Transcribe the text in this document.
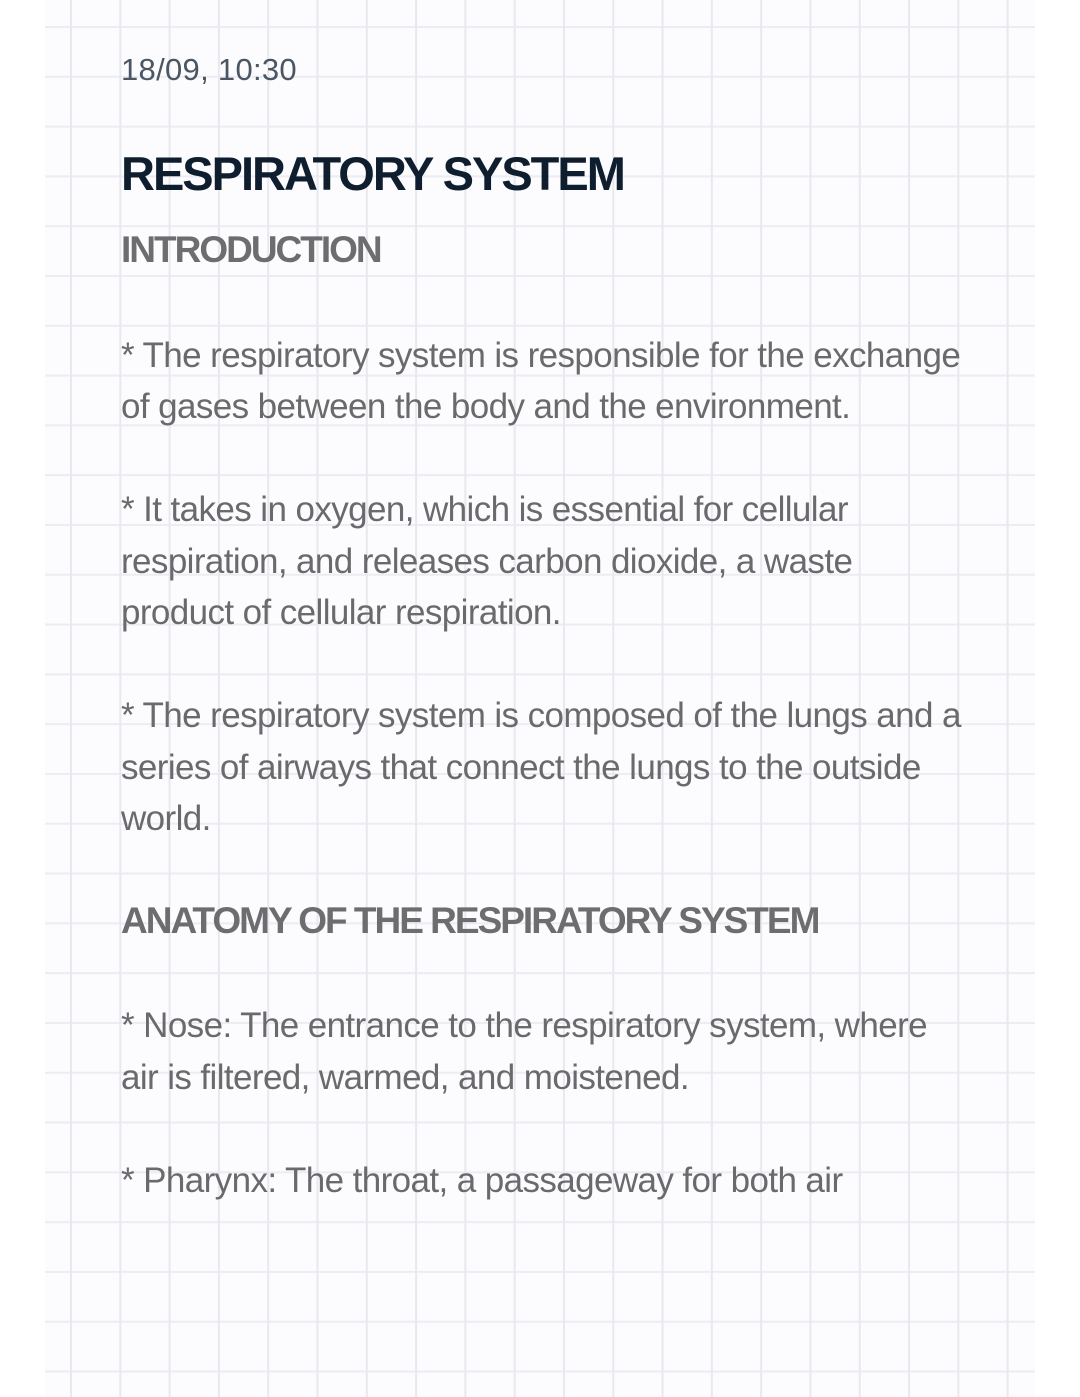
18/09, 10:30
RESPIRATORY SYSTEM
INTRODUCTION

* The respiratory system is responsible for the exchange of gases between the body and the environment.

* It takes in oxygen, which is essential for cellular respiration, and releases carbon dioxide, a waste product of cellular respiration.

* The respiratory system is composed of the lungs and a series of airways that connect the lungs to the outside world.

ANATOMY OF THE RESPIRATORY SYSTEM

* Nose: The entrance to the respiratory system, where air is filtered, warmed, and moistened.

* Pharynx: The throat, a passageway for both air
